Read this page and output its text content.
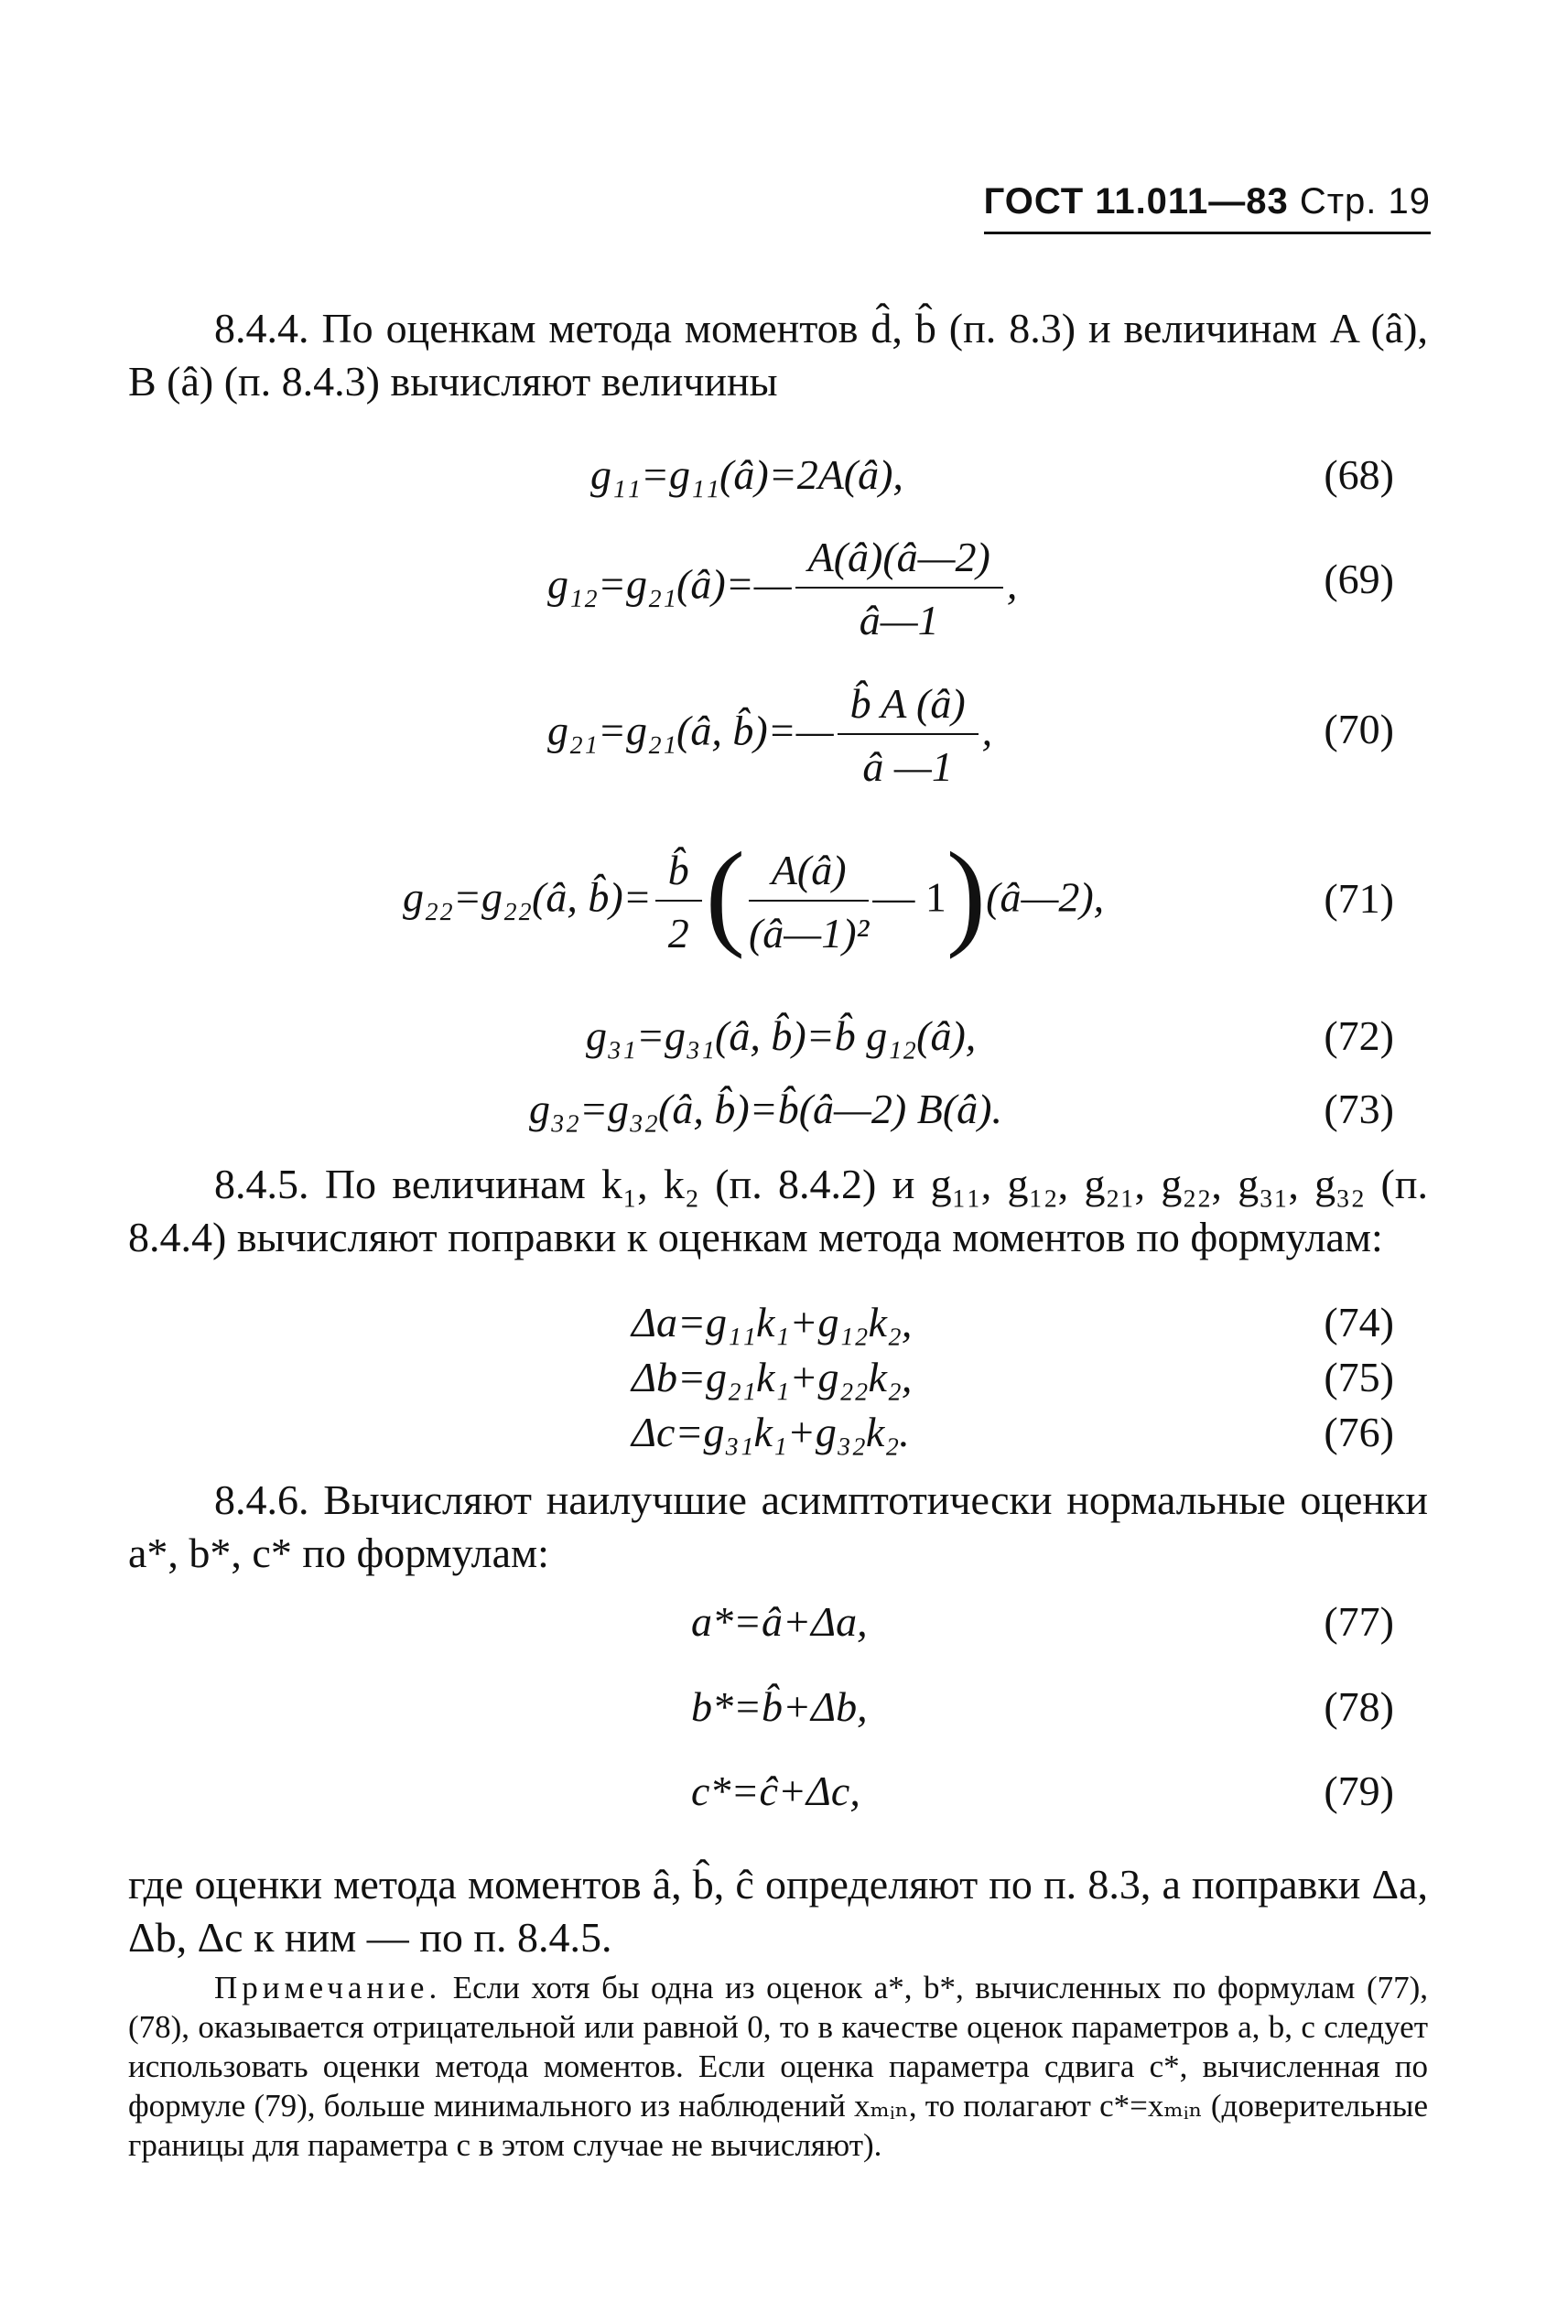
ГОСТ 11.011—83 Стр. 19
8.4.4. По оценкам метода моментов d̂, b̂ (п. 8.3) и величинам A (â), B (â) (п. 8.4.3) вычисляют величины
g₁₁=g₁₁(â)=2A(â),	(68)
g₁₂=g₂₁(â)=— $\frac{A(â)(â—2)}{â—1}$ ,	(69)
g₂₁=g₂₁(â, b̂)=— $\frac{b̂ A (â)}{â —1}$ ,	(70)
g₂₂=g₂₂(â, b̂)= $\frac{b̂}{2}$ ( $\frac{A(â)}{\text{(â—1)²}}$ — 1)(â—2),	(71)
g₃₁=g₃₁(â, b̂)=b̂ g₁₂(â),	(72)
g₃₂=g₃₂(â, b̂)=b̂(â—2) B(â).	(73)
8.4.5. По величинам k₁, k₂ (п. 8.4.2) и g₁₁, g₁₂, g₂₁, g₂₂, g₃₁, g₃₂ (п. 8.4.4) вычисляют поправки к оценкам метода моментов по формулам:
Δa=g₁₁k₁+g₁₂k₂,	(74)
Δb=g₂₁k₁+g₂₂k₂,	(75)
Δc=g₃₁k₁+g₃₂k₂.	(76)
8.4.6. Вычисляют наилучшие асимптотически нормальные оценки a*, b*, c* по формулам:
a*=â+Δa,	(77)
b*=b̂+Δb,	(78)
c*=ĉ+Δc,	(79)
где оценки метода моментов â, b̂, ĉ определяют по п. 8.3, а поправки Δa, Δb, Δc к ним — по п. 8.4.5.
Примечание. Если хотя бы одна из оценок a*, b*, вычисленных по формулам (77), (78), оказывается отрицательной или равной 0, то в качестве оценок параметров a, b, c следует использовать оценки метода моментов. Если оценка параметра сдвига c*, вычисленная по формуле (79), больше минимального из наблюдений xₘᵢₙ, то полагают c*=xₘᵢₙ (доверительные границы для параметра c в этом случае не вычисляют).
